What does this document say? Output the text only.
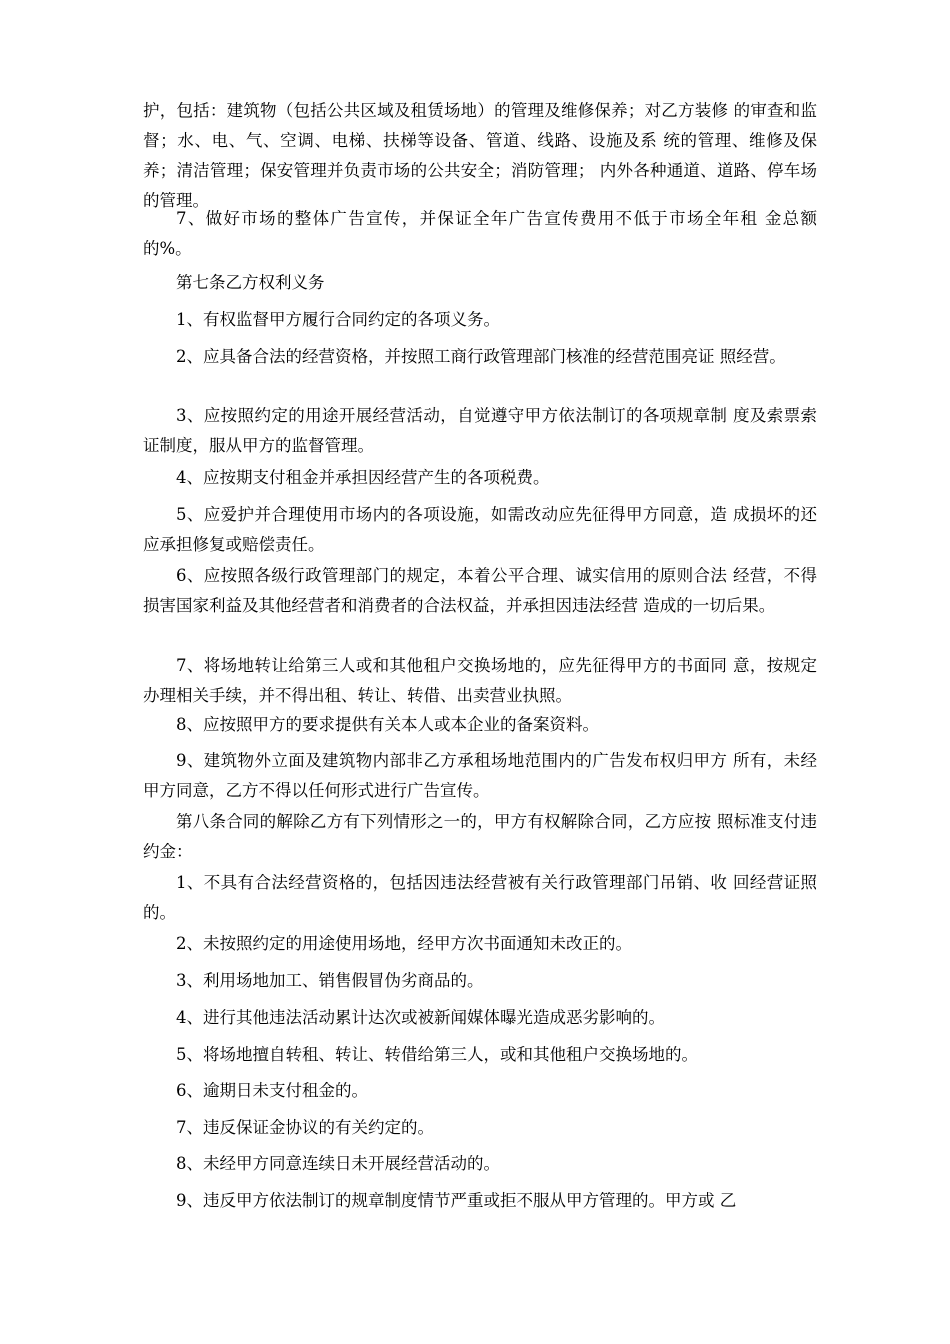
护，包括：建筑物（包括公共区域及租赁场地）的管理及维修保养；对乙方装修 的审查和监督；水、电、气、空调、电梯、扶梯等设备、管道、线路、设施及系 统的管理、维修及保养；清洁管理；保安管理并负责市场的公共安全；消防管理； 内外各种通道、道路、停车场的管理。

7、做好市场的整体广告宣传，并保证全年广告宣传费用不低于市场全年租 金总额的%。

第七条乙方权利义务

1、有权监督甲方履行合同约定的各项义务。

2、应具备合法的经营资格，并按照工商行政管理部门核准的经营范围亮证 照经营。

3、应按照约定的用途开展经营活动，自觉遵守甲方依法制订的各项规章制 度及索票索证制度，服从甲方的监督管理。

4、应按期支付租金并承担因经营产生的各项税费。

5、应爱护并合理使用市场内的各项设施，如需改动应先征得甲方同意，造 成损坏的还应承担修复或赔偿责任。

6、应按照各级行政管理部门的规定，本着公平合理、诚实信用的原则合法 经营，不得损害国家利益及其他经营者和消费者的合法权益，并承担因违法经营 造成的一切后果。

7、将场地转让给第三人或和其他租户交换场地的，应先征得甲方的书面同 意，按规定办理相关手续，并不得出租、转让、转借、出卖营业执照。

8、应按照甲方的要求提供有关本人或本企业的备案资料。

9、建筑物外立面及建筑物内部非乙方承租场地范围内的广告发布权归甲方 所有，未经甲方同意，乙方不得以任何形式进行广告宣传。

第八条合同的解除乙方有下列情形之一的，甲方有权解除合同，乙方应按 照标准支付违约金：

1、不具有合法经营资格的，包括因违法经营被有关行政管理部门吊销、收 回经营证照的。

2、未按照约定的用途使用场地，经甲方次书面通知未改正的。

3、利用场地加工、销售假冒伪劣商品的。

4、进行其他违法活动累计达次或被新闻媒体曝光造成恶劣影响的。

5、将场地擅自转租、转让、转借给第三人，或和其他租户交换场地的。

6、逾期日未支付租金的。

7、违反保证金协议的有关约定的。

8、未经甲方同意连续日未开展经营活动的。

9、违反甲方依法制订的规章制度情节严重或拒不服从甲方管理的。甲方或 乙
